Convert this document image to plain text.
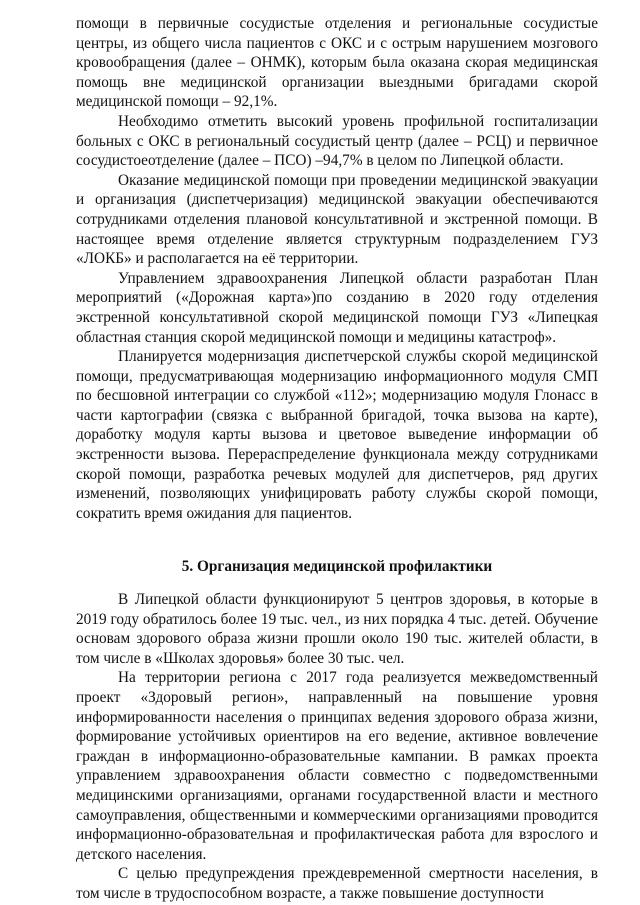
помощи в первичные сосудистые отделения и региональные сосудистые центры, из общего числа пациентов с ОКС и с острым нарушением мозгового кровообращения (далее – ОНМК), которым была оказана скорая медицинская помощь вне медицинской организации выездными бригадами скорой медицинской помощи – 92,1%.

Необходимо отметить высокий уровень профильной госпитализации больных с ОКС в региональный сосудистый центр (далее – РСЦ) и первичное сосудистоеотделение (далее – ПСО) –94,7% в целом по Липецкой области.

Оказание медицинской помощи при проведении медицинской эвакуации и организация (диспетчеризация) медицинской эвакуации обеспечиваются сотрудниками отделения плановой консультативной и экстренной помощи. В настоящее время отделение является структурным подразделением ГУЗ «ЛОКБ» и располагается на её территории.

Управлением здравоохранения Липецкой области разработан План мероприятий («Дорожная карта»)по созданию в 2020 году отделения экстренной консультативной скорой медицинской помощи ГУЗ «Липецкая областная станция скорой медицинской помощи и медицины катастроф».

Планируется модернизация диспетчерской службы скорой медицинской помощи, предусматривающая модернизацию информационного модуля СМП по бесшовной интеграции со службой «112»; модернизацию модуля Глонасс в части картографии (связка с выбранной бригадой, точка вызова на карте), доработку модуля карты вызова и цветовое выведение информации об экстренности вызова. Перераспределение функционала между сотрудниками скорой помощи, разработка речевых модулей для диспетчеров, ряд других изменений, позволяющих унифицировать работу службы скорой помощи, сократить время ожидания для пациентов.

5. Организация медицинской профилактики

В Липецкой области функционируют 5 центров здоровья, в которые в 2019 году обратилось более 19 тыс. чел., из них порядка 4 тыс. детей. Обучение основам здорового образа жизни прошли около 190 тыс. жителей области, в том числе в «Школах здоровья» более 30 тыс. чел.

На территории региона с 2017 года реализуется межведомственный проект «Здоровый регион», направленный на повышение уровня информированности населения о принципах ведения здорового образа жизни, формирование устойчивых ориентиров на его ведение, активное вовлечение граждан в информационно-образовательные кампании. В рамках проекта управлением здравоохранения области совместно с подведомственными медицинскими организациями, органами государственной власти и местного самоуправления, общественными и коммерческими организациями проводится информационно-образовательная и профилактическая работа для взрослого и детского населения.

С целью предупреждения преждевременной смертности населения, в том числе в трудоспособном возрасте, а также повышение доступности
